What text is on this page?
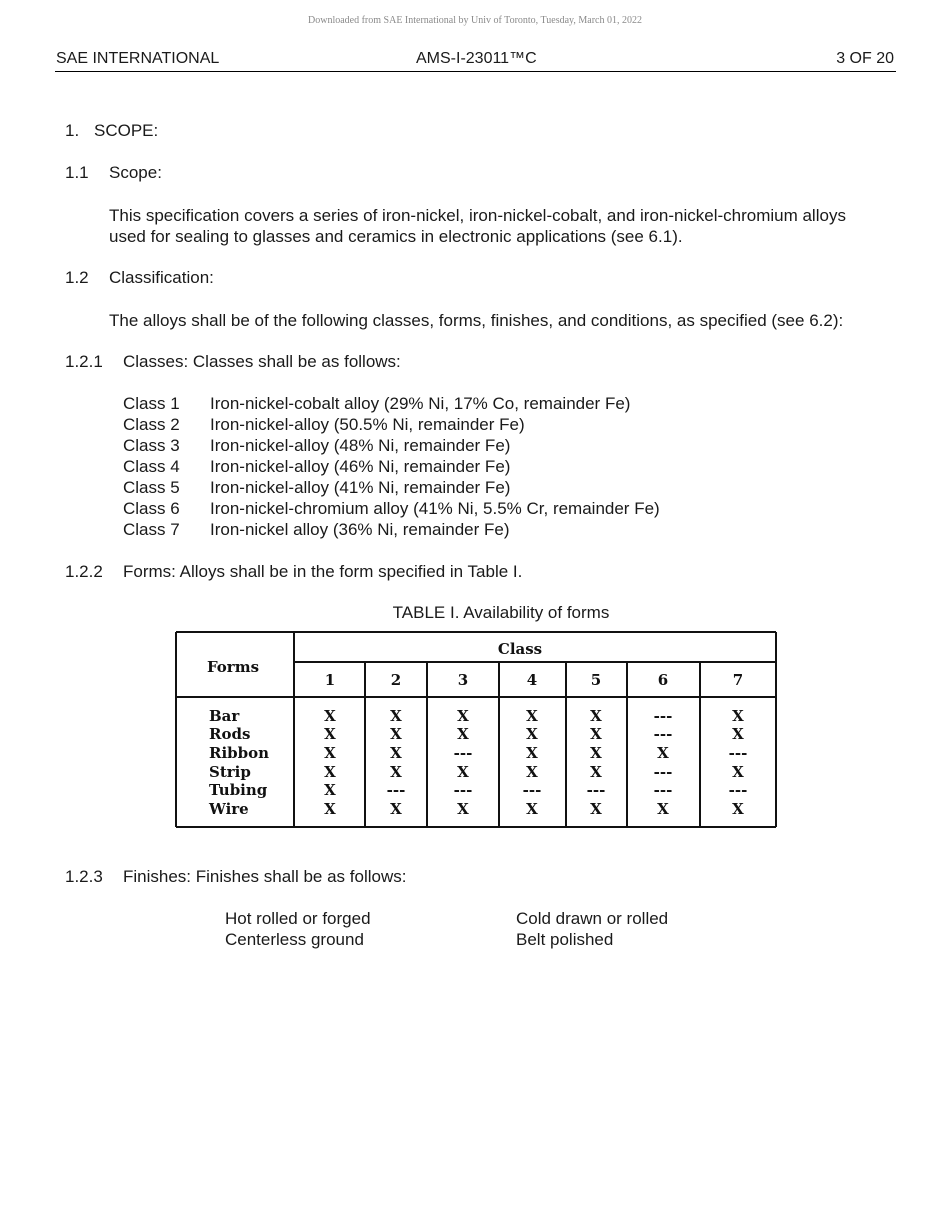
Downloaded from SAE International by Univ of Toronto, Tuesday, March 01, 2022
SAE INTERNATIONAL	AMS-I-23011™C	3 OF 20
1. SCOPE:
1.1 Scope:
This specification covers a series of iron-nickel, iron-nickel-cobalt, and iron-nickel-chromium alloys
used for sealing to glasses and ceramics in electronic applications (see 6.1).
1.2 Classification:
The alloys shall be of the following classes, forms, finishes, and conditions, as specified (see 6.2):
1.2.1 Classes: Classes shall be as follows:
Class 1 Iron-nickel-cobalt alloy (29% Ni, 17% Co, remainder Fe)
Class 2 Iron-nickel-alloy (50.5% Ni, remainder Fe)
Class 3 Iron-nickel-alloy (48% Ni, remainder Fe)
Class 4 Iron-nickel-alloy (46% Ni, remainder Fe)
Class 5 Iron-nickel-alloy (41% Ni, remainder Fe)
Class 6 Iron-nickel-chromium alloy (41% Ni, 5.5% Cr, remainder Fe)
Class 7 Iron-nickel alloy (36% Ni, remainder Fe)
1.2.2 Forms: Alloys shall be in the form specified in Table I.
TABLE I. Availability of forms
Forms
Class
1	2	3	4	5	6	7
Bar	X	X	X	X	X	---	X
Rods	X	X	X	X	X	---	X
Ribbon	X	X	---	X	X	X	---
Strip	X	X	X	X	X	---	X
Tubing	X	---	---	---	---	---	---
Wire	X	X	X	X	X	X	X
1.2.3 Finishes: Finishes shall be as follows:
Hot rolled or forged
Centerless ground
Cold drawn or rolled
Belt polished
